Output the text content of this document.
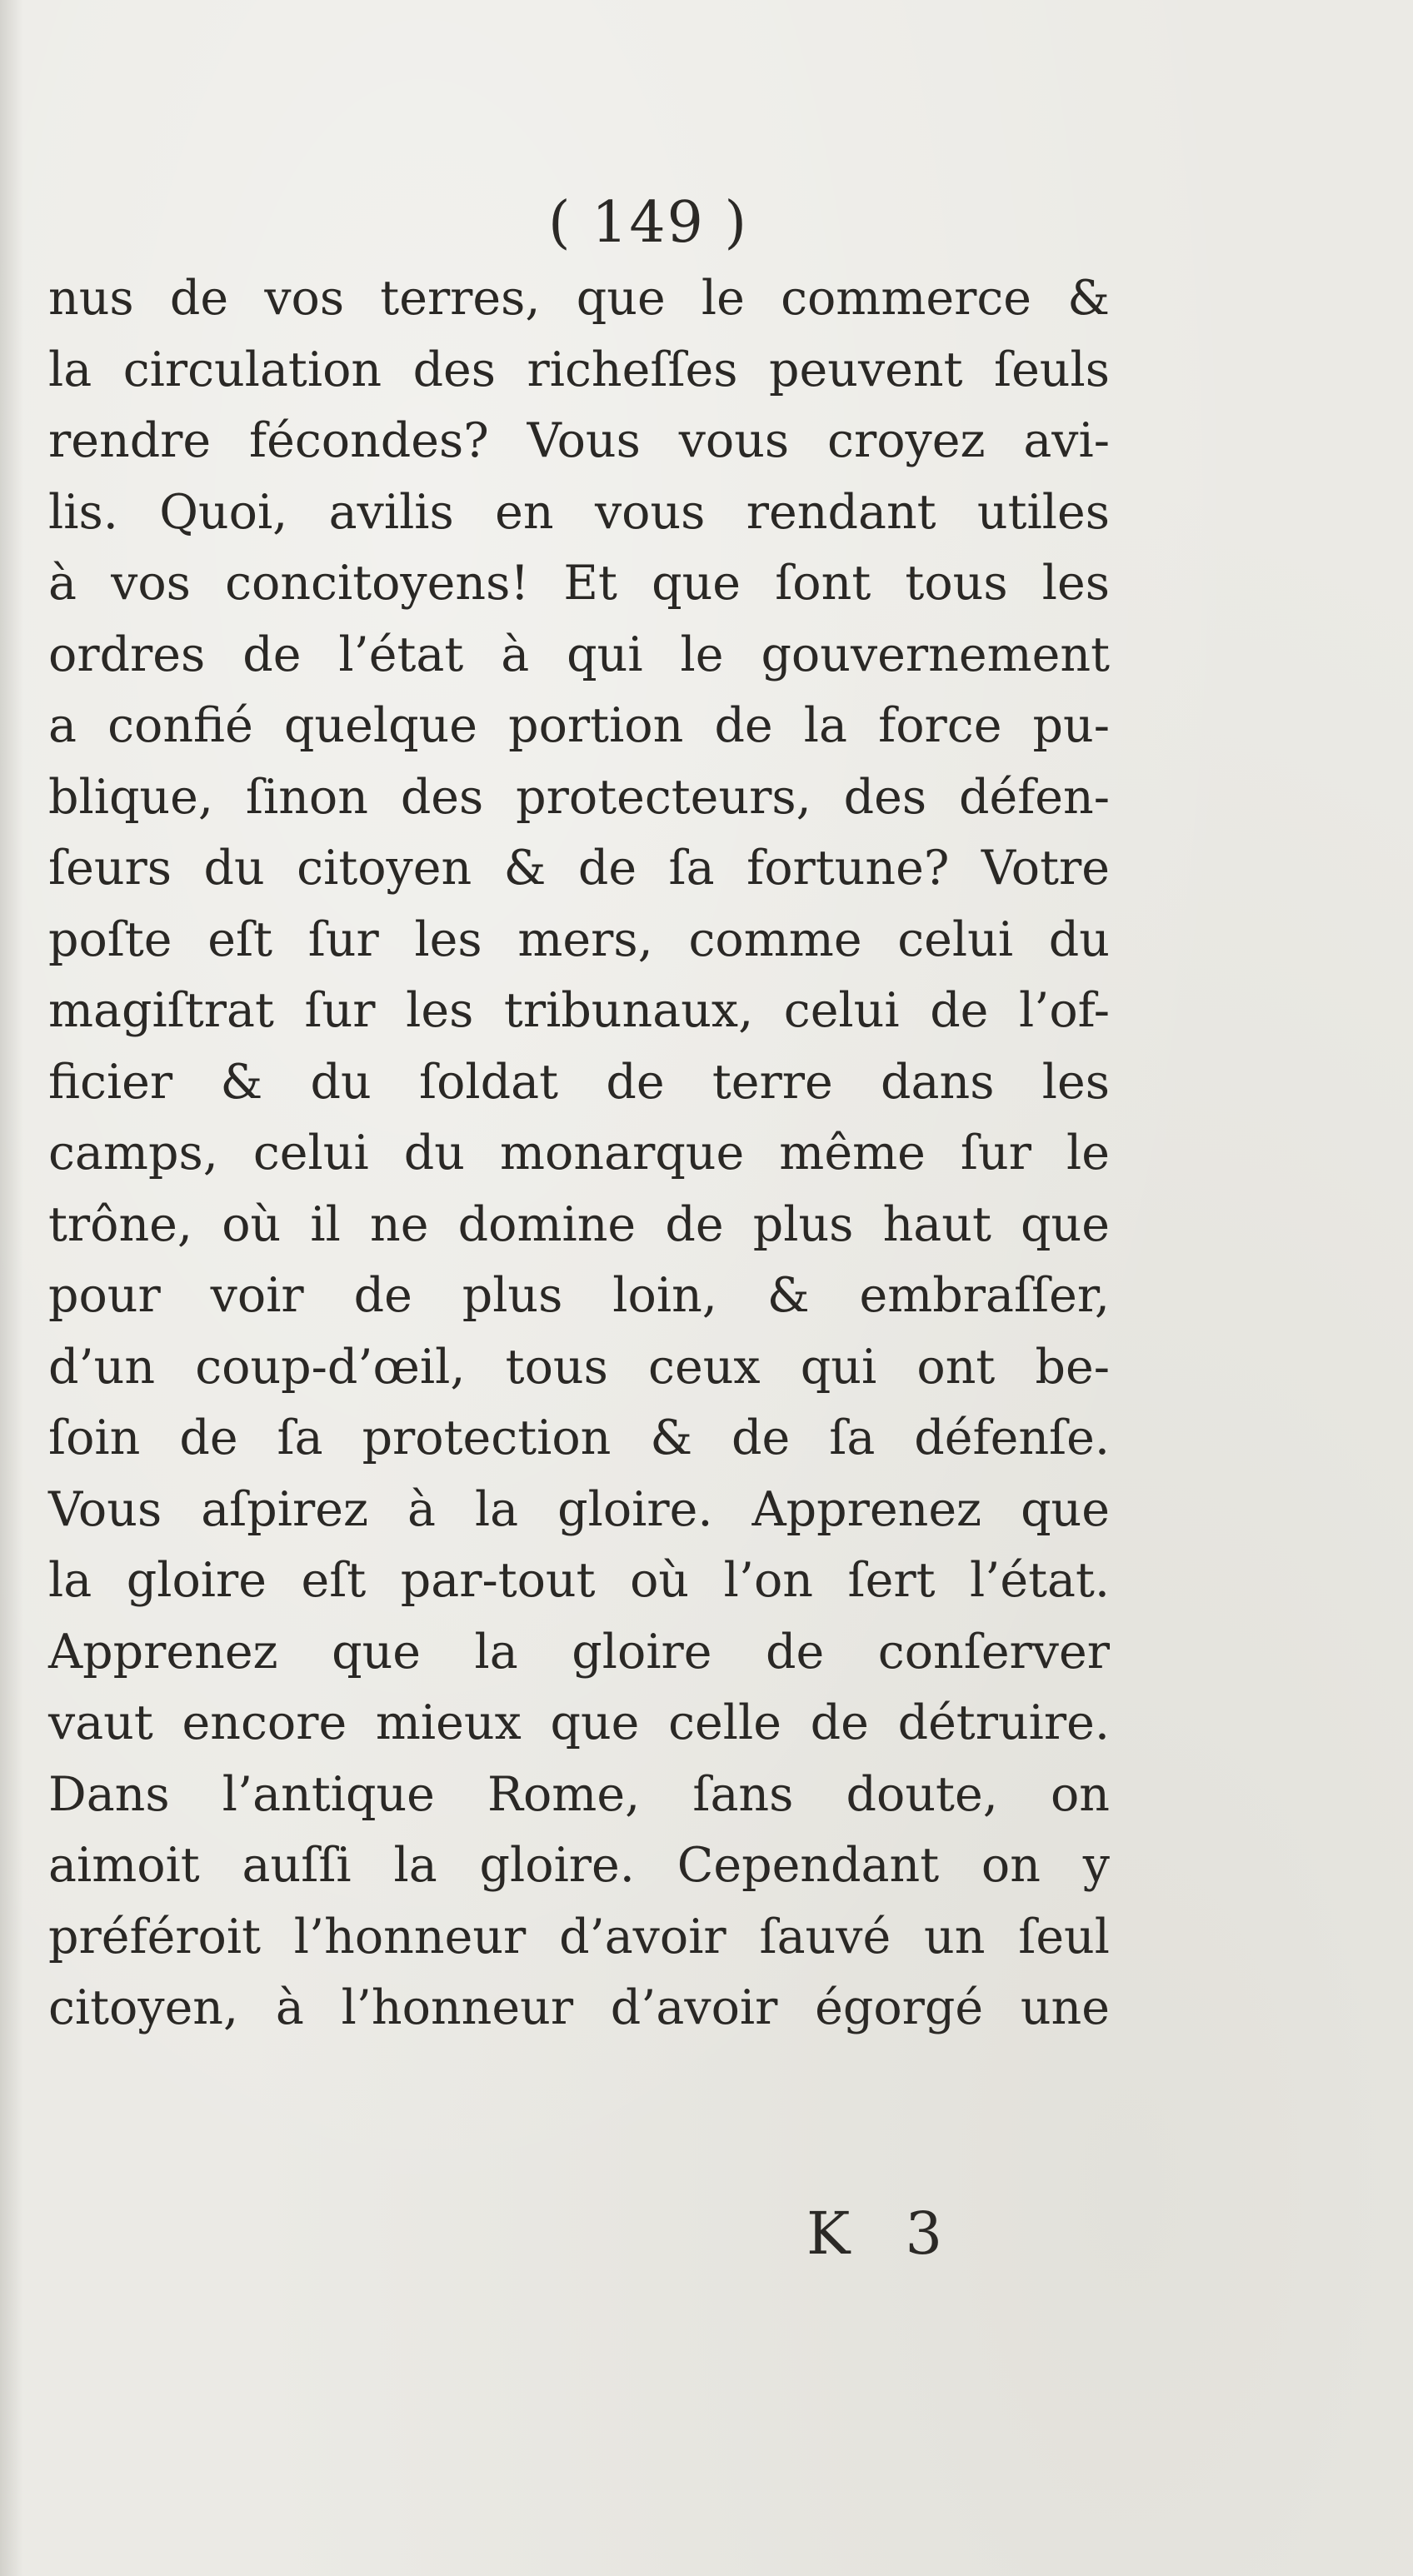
( 149 )
nus de vos terres, que le commerce &
la circulation des richeſſes peuvent ſeuls
rendre fécondes? Vous vous croyez avi-
lis. Quoi, avilis en vous rendant utiles
à vos concitoyens! Et que ſont tous les
ordres de l’état à qui le gouvernement
a confié quelque portion de la force pu-
blique, ſinon des protecteurs, des défen-
ſeurs du citoyen & de ſa fortune? Votre
poſte eſt ſur les mers, comme celui du
magiſtrat ſur les tribunaux, celui de l’of-
ficier & du ſoldat de terre dans les
camps, celui du monarque même ſur le
trône, où il ne domine de plus haut que
pour voir de plus loin, & embraſſer,
d’un coup-d’œil, tous ceux qui ont be-
ſoin de ſa protection & de ſa défenſe.
Vous aſpirez à la gloire. Apprenez que
la gloire eſt par-tout où l’on ſert l’état.
Apprenez que la gloire de conſerver
vaut encore mieux que celle de détruire.
Dans l’antique Rome, ſans doute, on
aimoit auſſi la gloire. Cependant on y
préféroit l’honneur d’avoir ſauvé un ſeul
citoyen, à l’honneur d’avoir égorgé une
K 3
